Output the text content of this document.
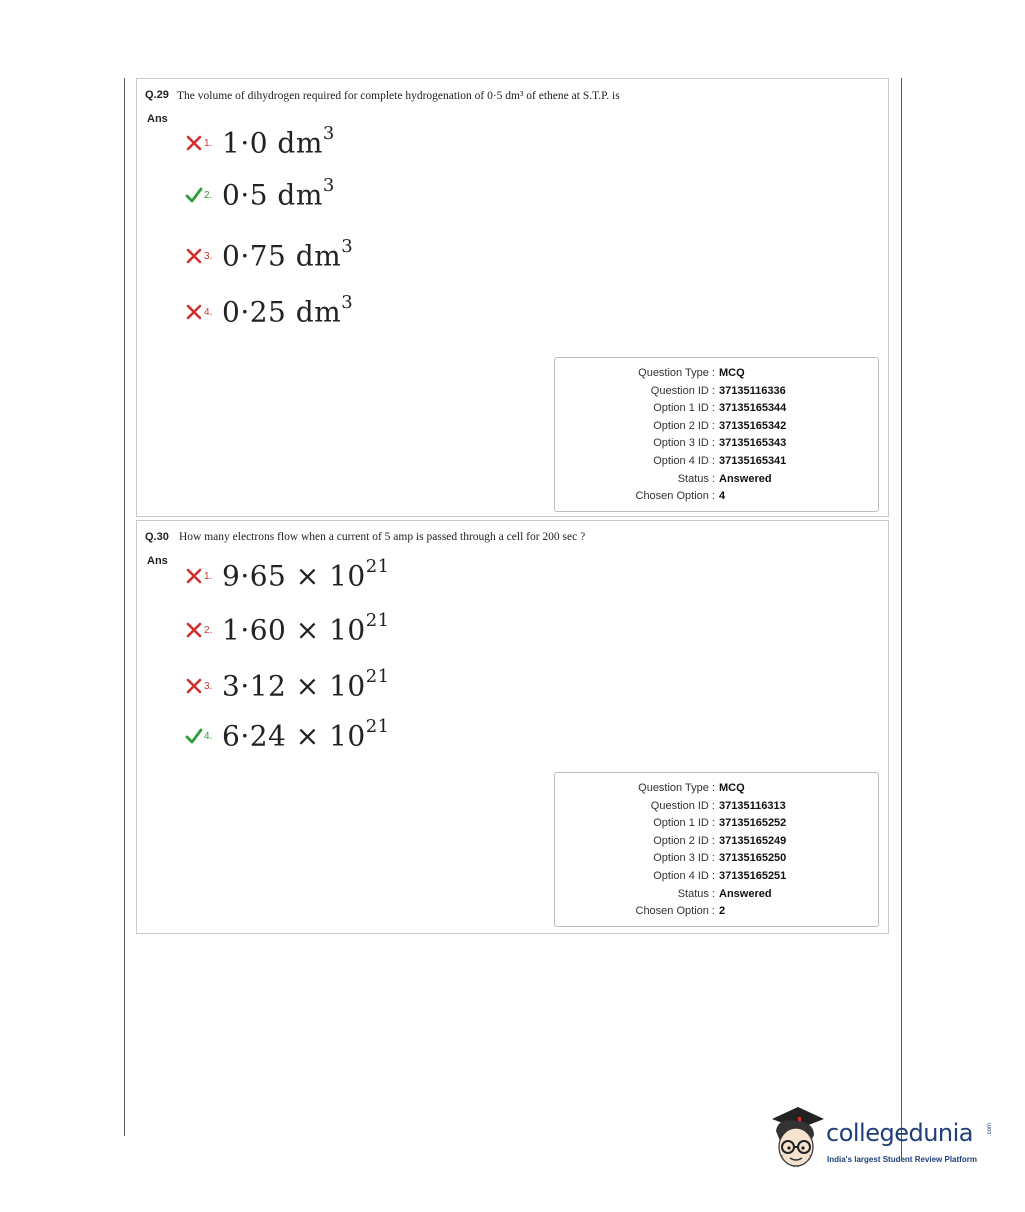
Q.29 The volume of dihydrogen required for complete hydrogenation of 0·5 dm³ of ethene at S.T.P. is
Ans
1. 1·0 $dm^3$
2. 0·5 $dm^3$
3. 0·75 $dm^3$
4. 0·25 $dm^3$
Question Type : MCQ
Question ID : 37135116336
Option 1 ID : 37135165344
Option 2 ID : 37135165342
Option 3 ID : 37135165343
Option 4 ID : 37135165341
Status : Answered
Chosen Option : 4
Q.30 How many electrons flow when a current of 5 amp is passed through a cell for 200 sec ?
Ans
1. $9\cdot 65 \times 10^{21}$
2. $1\cdot 60 \times 10^{21}$
3. $3\cdot 12 \times 10^{21}$
4. $6\cdot 24 \times 10^{21}$
Question Type : MCQ
Question ID : 37135116313
Option 1 ID : 37135165252
Option 2 ID : 37135165249
Option 3 ID : 37135165250
Option 4 ID : 37135165251
Status : Answered
Chosen Option : 2
collegedunia .com
India's largest Student Review Platform
